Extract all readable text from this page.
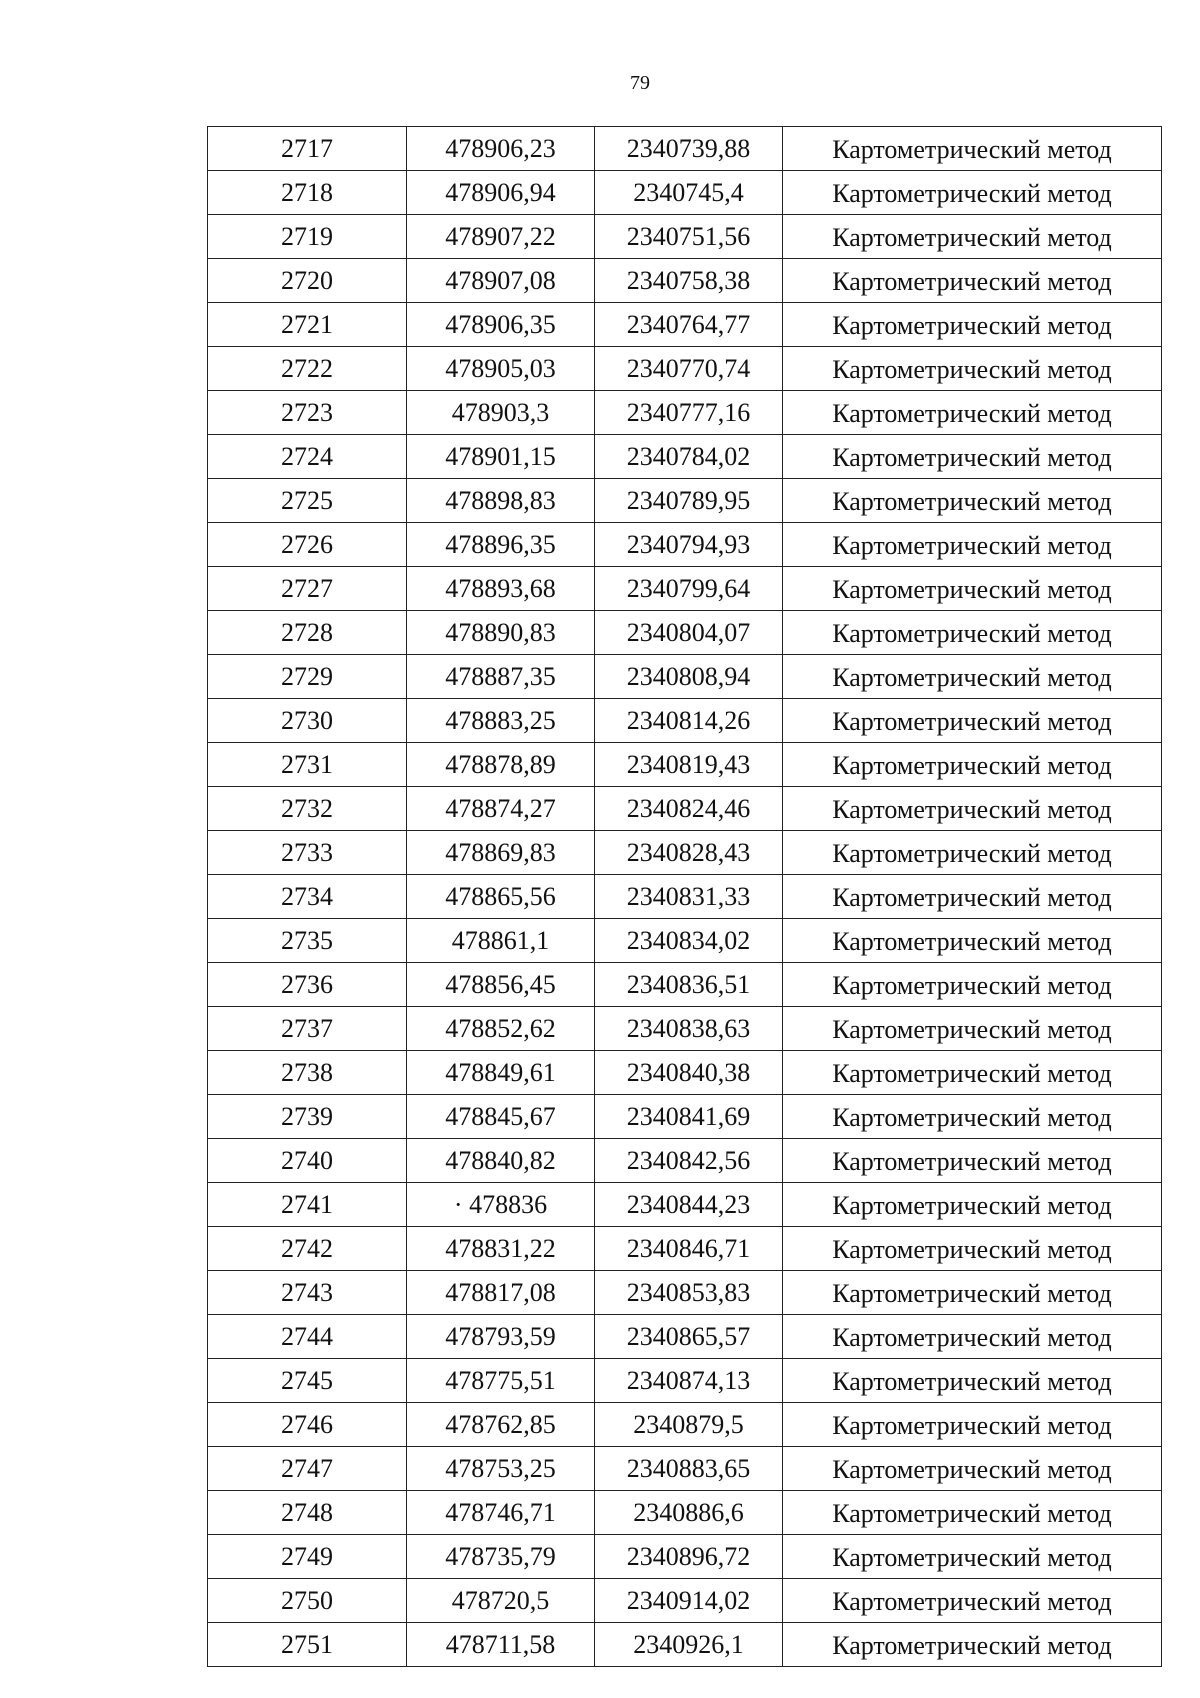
79
2717	478906,23	2340739,88	Картометрический метод
2718	478906,94	2340745,4	Картометрический метод
2719	478907,22	2340751,56	Картометрический метод
2720	478907,08	2340758,38	Картометрический метод
2721	478906,35	2340764,77	Картометрический метод
2722	478905,03	2340770,74	Картометрический метод
2723	478903,3	2340777,16	Картометрический метод
2724	478901,15	2340784,02	Картометрический метод
2725	478898,83	2340789,95	Картометрический метод
2726	478896,35	2340794,93	Картометрический метод
2727	478893,68	2340799,64	Картометрический метод
2728	478890,83	2340804,07	Картометрический метод
2729	478887,35	2340808,94	Картометрический метод
2730	478883,25	2340814,26	Картометрический метод
2731	478878,89	2340819,43	Картометрический метод
2732	478874,27	2340824,46	Картометрический метод
2733	478869,83	2340828,43	Картометрический метод
2734	478865,56	2340831,33	Картометрический метод
2735	478861,1	2340834,02	Картометрический метод
2736	478856,45	2340836,51	Картометрический метод
2737	478852,62	2340838,63	Картометрический метод
2738	478849,61	2340840,38	Картометрический метод
2739	478845,67	2340841,69	Картометрический метод
2740	478840,82	2340842,56	Картометрический метод
2741	· 478836	2340844,23	Картометрический метод
2742	478831,22	2340846,71	Картометрический метод
2743	478817,08	2340853,83	Картометрический метод
2744	478793,59	2340865,57	Картометрический метод
2745	478775,51	2340874,13	Картометрический метод
2746	478762,85	2340879,5	Картометрический метод
2747	478753,25	2340883,65	Картометрический метод
2748	478746,71	2340886,6	Картометрический метод
2749	478735,79	2340896,72	Картометрический метод
2750	478720,5	2340914,02	Картометрический метод
2751	478711,58	2340926,1	Картометрический метод
